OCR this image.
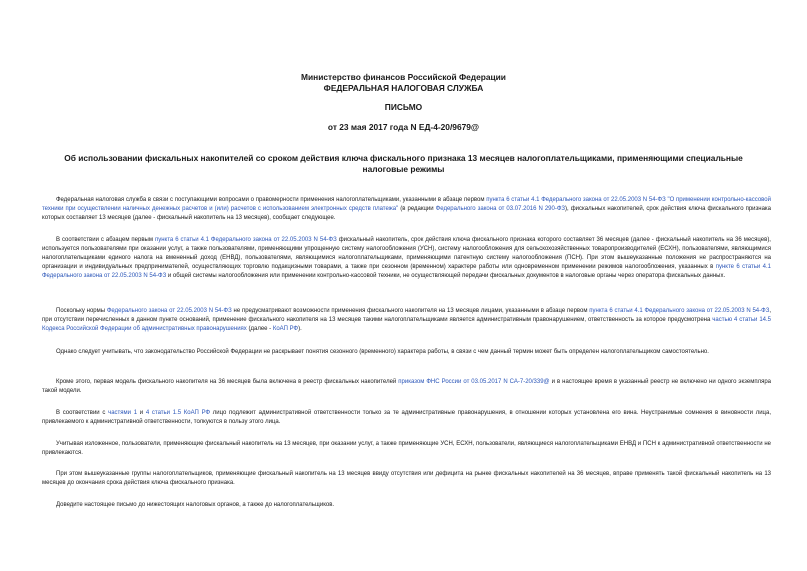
Министерство финансов Российской Федерации
ФЕДЕРАЛЬНАЯ НАЛОГОВАЯ СЛУЖБА
ПИСЬМО
от 23 мая 2017 года N ЕД-4-20/9679@
Об использовании фискальных накопителей со сроком действия ключа фискального признака 13 месяцев налогоплательщиками, применяющими специальные налоговые режимы

Федеральная налоговая служба в связи с поступающими вопросами о правомерности применения налогоплательщиками, указанными в абзаце первом пункта 6 статьи 4.1 Федерального закона от 22.05.2003 N 54-ФЗ "О применении контрольно-кассовой техники при осуществлении наличных денежных расчетов и (или) расчетов с использованием электронных средств платежа" (в редакции Федерального закона от 03.07.2016 N 290-ФЗ), фискальных накопителей, срок действия ключа фискального признака которых составляет 13 месяцев (далее - фискальный накопитель на 13 месяцев), сообщает следующее.

В соответствии с абзацем первым пункта 6 статьи 4.1 Федерального закона от 22.05.2003 N 54-ФЗ фискальный накопитель, срок действия ключа фискального признака которого составляет 36 месяцев (далее - фискальный накопитель на 36 месяцев), используется пользователями при оказании услуг, а также пользователями, применяющими упрощенную систему налогообложения (УСН), систему налогообложения для сельскохозяйственных товаропроизводителей (ЕСХН), пользователями, являющимися налогоплательщиками единого налога на вмененный доход (ЕНВД), пользователями, являющимися налогоплательщиками, применяющими патентную систему налогообложения (ПСН). При этом вышеуказанные положения не распространяются на организации и индивидуальных предпринимателей, осуществляющих торговлю подакцизными товарами, а также при сезонном (временном) характере работы или одновременном применении режимов налогообложения, указанных в пункте 6 статьи 4.1 Федерального закона от 22.05.2003 N 54-ФЗ и общей системы налогообложения или применении контрольно-кассовой техники, не осуществляющей передачи фискальных документов в налоговые органы через оператора фискальных данных.

Поскольку нормы Федерального закона от 22.05.2003 N 54-ФЗ не предусматривают возможности применения фискального накопителя на 13 месяцев лицами, указанными в абзаце первом пункта 6 статьи 4.1 Федерального закона от 22.05.2003 N 54-ФЗ, при отсутствии перечисленных в данном пункте оснований, применение фискального накопителя на 13 месяцев такими налогоплательщиками является административным правонарушением, ответственность за которое предусмотрена частью 4 статьи 14.5 Кодекса Российской Федерации об административных правонарушениях (далее - КоАП РФ).

Однако следует учитывать, что законодательство Российской Федерации не раскрывает понятия сезонного (временного) характера работы, в связи с чем данный термин может быть определен налогоплательщиком самостоятельно.

Кроме этого, первая модель фискального накопителя на 36 месяцев была включена в реестр фискальных накопителей приказом ФНС России от 03.05.2017 N СА-7-20/339@ и в настоящее время в указанный реестр не включено ни одного экземпляра такой модели.

В соответствии с частями 1 и 4 статьи 1.5 КоАП РФ лицо подлежит административной ответственности только за те административные правонарушения, в отношении которых установлена его вина. Неустранимые сомнения в виновности лица, привлекаемого к административной ответственности, толкуются в пользу этого лица.

Учитывая изложенное, пользователи, применяющие фискальный накопитель на 13 месяцев, при оказании услуг, а также применяющие УСН, ЕСХН, пользователи, являющиеся налогоплательщиками ЕНВД и ПСН к административной ответственности не привлекаются.

При этом вышеуказанные группы налогоплательщиков, применяющие фискальный накопитель на 13 месяцев ввиду отсутствия или дефицита на рынке фискальных накопителей на 36 месяцев, вправе применять такой фискальный накопитель на 13 месяцев до окончания срока действия ключа фискального признака.

Доведите настоящее письмо до нижестоящих налоговых органов, а также до налогоплательщиков.
